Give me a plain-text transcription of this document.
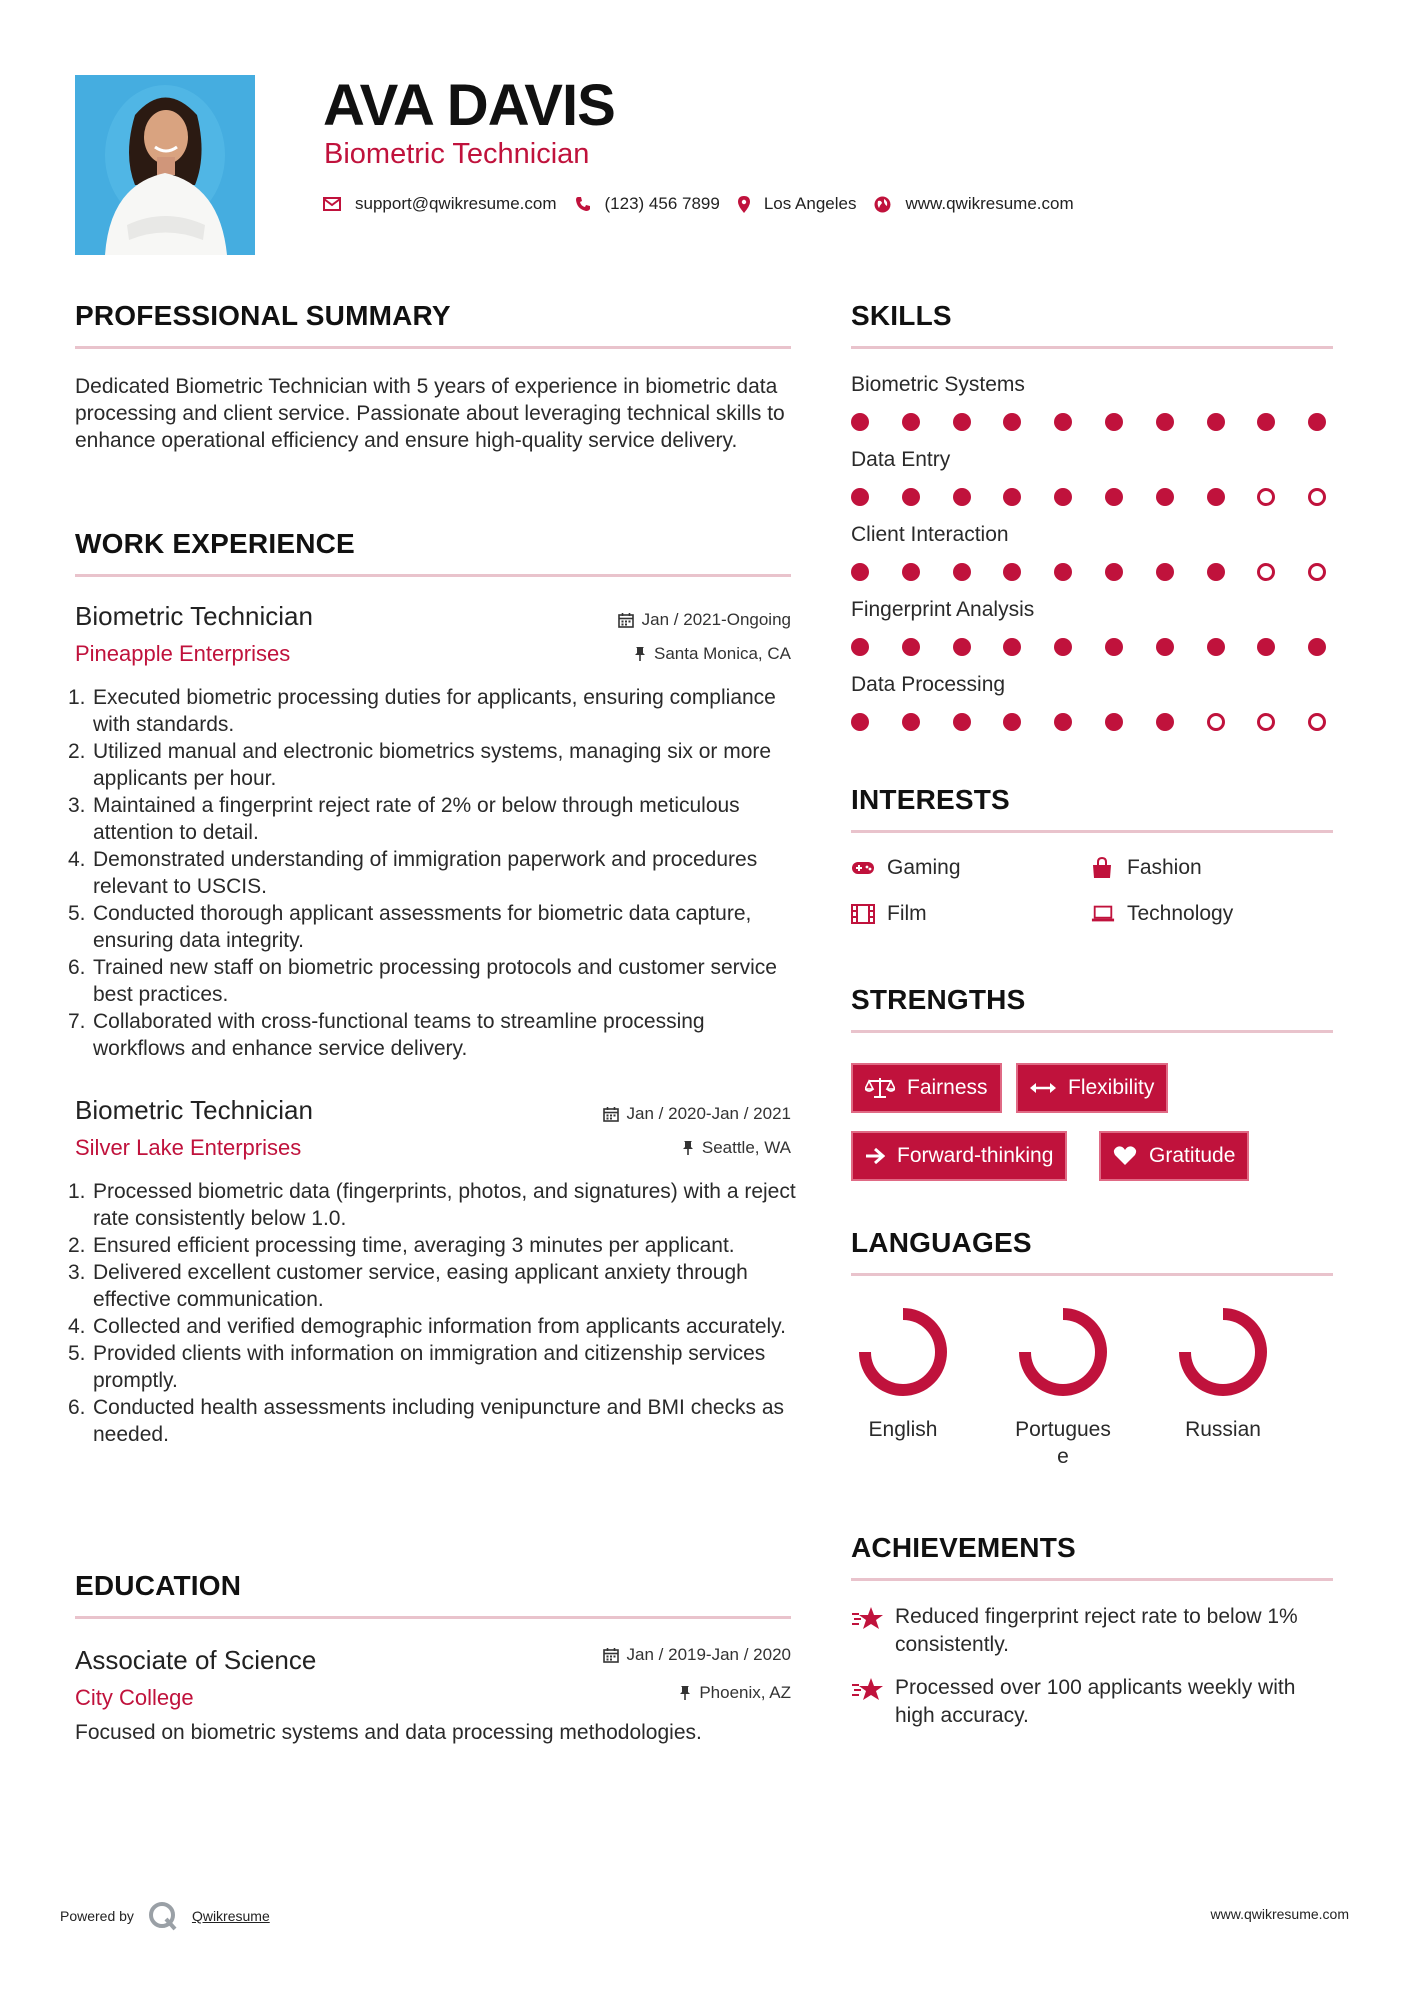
AVA DAVIS
Biometric Technician
support@qwikresume.com	(123) 456 7899	Los Angeles	www.qwikresume.com
PROFESSIONAL SUMMARY
Dedicated Biometric Technician with 5 years of experience in biometric data processing and client service. Passionate about leveraging technical skills to enhance operational efficiency and ensure high-quality service delivery.
WORK EXPERIENCE
Biometric Technician
Pineapple Enterprises
Jan / 2021-Ongoing
Santa Monica, CA
1. Executed biometric processing duties for applicants, ensuring compliance with standards.
2. Utilized manual and electronic biometrics systems, managing six or more applicants per hour.
3. Maintained a fingerprint reject rate of 2% or below through meticulous attention to detail.
4. Demonstrated understanding of immigration paperwork and procedures relevant to USCIS.
5. Conducted thorough applicant assessments for biometric data capture, ensuring data integrity.
6. Trained new staff on biometric processing protocols and customer service best practices.
7. Collaborated with cross-functional teams to streamline processing workflows and enhance service delivery.
Biometric Technician
Silver Lake Enterprises
Jan / 2020-Jan / 2021
Seattle, WA
1. Processed biometric data (fingerprints, photos, and signatures) with a reject rate consistently below 1.0.
2. Ensured efficient processing time, averaging 3 minutes per applicant.
3. Delivered excellent customer service, easing applicant anxiety through effective communication.
4. Collected and verified demographic information from applicants accurately.
5. Provided clients with information on immigration and citizenship services promptly.
6. Conducted health assessments including venipuncture and BMI checks as needed.
EDUCATION
Associate of Science
City College
Jan / 2019-Jan / 2020
Phoenix, AZ
Focused on biometric systems and data processing methodologies.
SKILLS
Biometric Systems
Data Entry
Client Interaction
Fingerprint Analysis
Data Processing
INTERESTS
Gaming	Fashion
Film	Technology
STRENGTHS
Fairness	Flexibility
Forward-thinking	Gratitude
LANGUAGES
English	Portuguese
Russian
ACHIEVEMENTS
Reduced fingerprint reject rate to below 1% consistently.
Processed over 100 applicants weekly with high accuracy.
Powered by	Qwikresume	www.qwikresume.com
